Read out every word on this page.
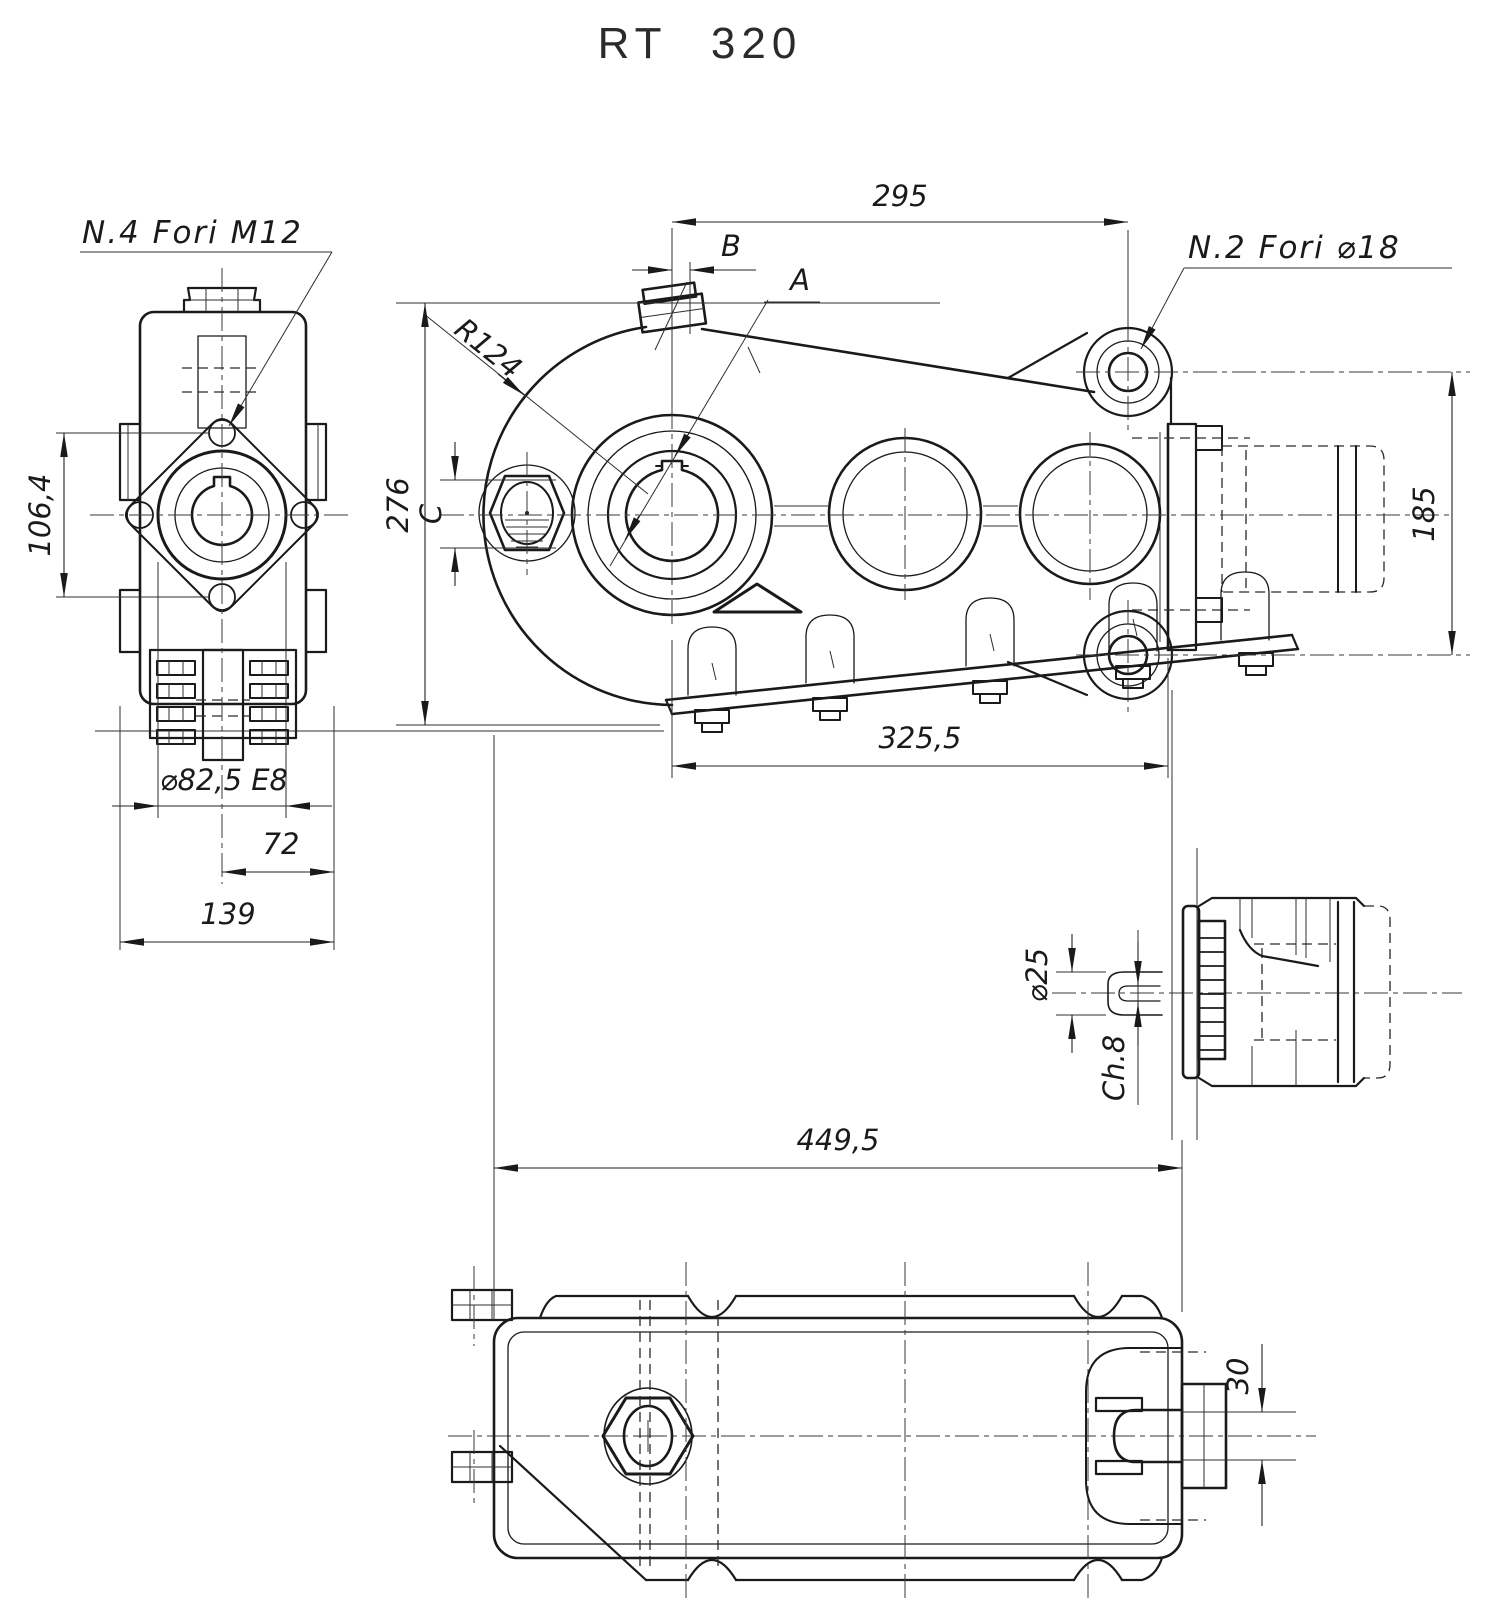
RT 320
106,4
⌀82,5 E8
72
139
N.4 Fori M12
295
B
A
R124
C
276
N.2 Fori ⌀18
185
325,5
⌀25
Ch.8
30
449,5
